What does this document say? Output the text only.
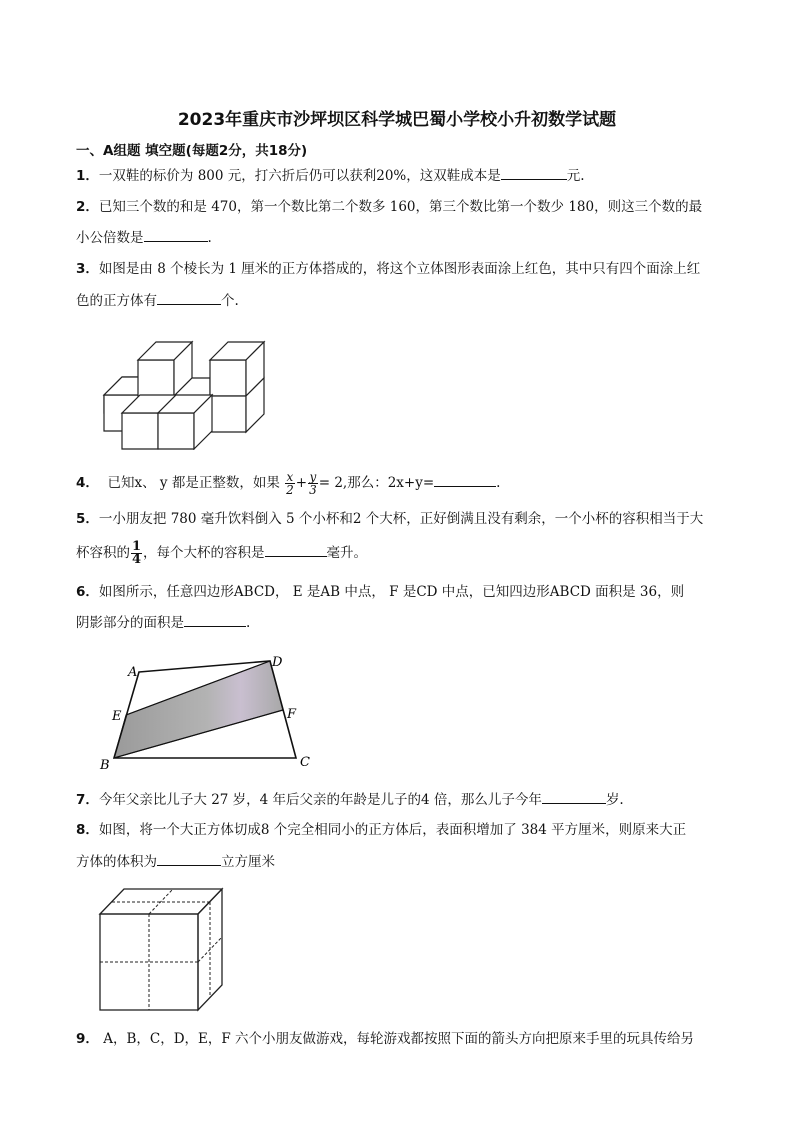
2023年重庆市沙坪坝区科学城巴蜀小学校小升初数学试题
一、A组题 填空题(每题2分，共18分)
1．一双鞋的标价为 800 元，打六折后仍可以获利20%，这双鞋成本是	元.
2．已知三个数的和是 470，第一个数比第二个数多 160，第三个数比第一个数少 180，则这三个数的最
小公倍数是	.
3．如图是由 8 个棱长为 1 厘米的正方体搭成的，将这个立体图形表面涂上红色，其中只有四个面涂上红
色的正方体有	个.
4． 已知x、 y 都是正整数，如果 $\frac{x}{2} + \frac{y}{3} = 2$,那么：2x+y=	.
5．一小朋友把 780 毫升饮料倒入 5 个小杯和2 个大杯，正好倒满且没有剩余，一个小杯的容积相当于大
杯容积的 $\frac{1}{4}$ ，每个大杯的容积是	毫升。
6．如图所示，任意四边形ABCD， E 是AB 中点， F 是CD 中点，已知四边形ABCD 面积是 36，则
阴影部分的面积是	.
A
B	C
D
E	F
7．今年父亲比儿子大 27 岁，4 年后父亲的年龄是儿子的4 倍，那么儿子今年	岁.
8．如图，将一个大正方体切成8 个完全相同小的正方体后，表面积增加了 384 平方厘米，则原来大正
方体的体积为	立方厘米
9． A，B，C，D，E，F 六个小朋友做游戏，每轮游戏都按照下面的箭头方向把原来手里的玩具传给另
